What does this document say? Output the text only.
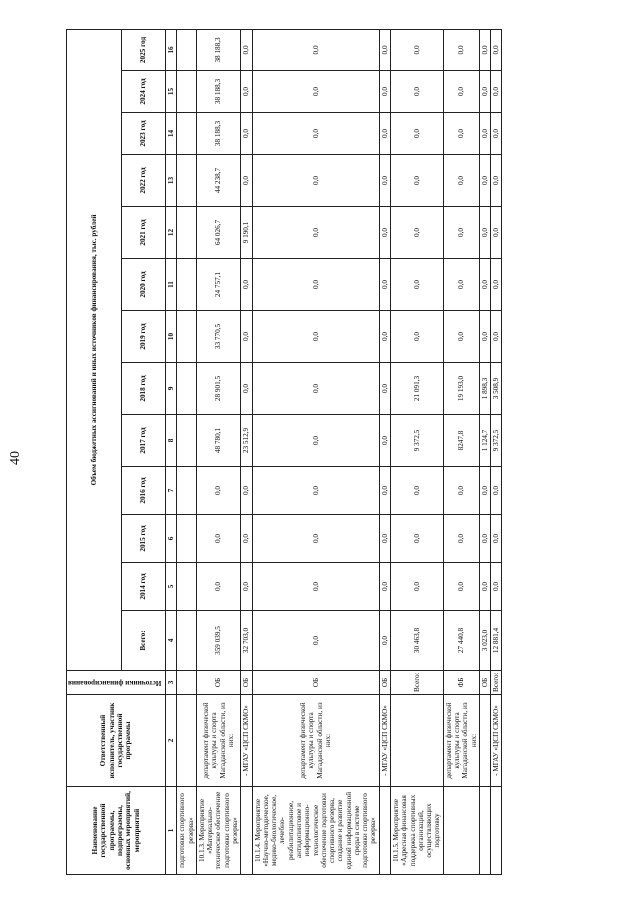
40
Наименование государственной программы, подпрограммы, основных мероприятий, мероприятий	Ответственный исполнитель, участник государственной программы	Источники финансирования	Объем бюджетных ассигнований и иных источников финансирования, тыс. рублей												
			Всего:	2014 год	2015 год	2016 год	2017 год	2018 год	2019 год	2020 год	2021 год	2022 год	2023 год	2024 год	2025 год
1	2	3	4	5	6	7	8	9	10	11	12	13	14	15	16
подготовки спортивного резерва»															
10.1.3. Мероприятие «Материально-техническое обеспечение подготовки спортивного резерва»	департамент физической культуры и спорта Магаданской области, из них:	ОБ	359 039,5	0,0	0,0	0,0	48 780,1	28 901,5	33 770,5	24 757,1	64 026,7	44 238,7	38 188,3	38 188,3	38 188,3
	- МГАУ «ЦСП СКМО»	ОБ	32 703,0	0,0	0,0	0,0	23 512,9	0,0	0,0	0,0	9 190,1	0,0	0,0	0,0	0,0
10.1.4. Мероприятие «Научно-методическое, медико-биологическое, лечебно-реабилитационное, антидопинговое и информационно-технологическое обеспечение подготовки спортивного резерва, создание и развитие единой информационной среды в системе подготовки спортивного резерва»	департамент физической культуры и спорта Магаданской области, из них:	ОБ	0,0	0,0	0,0	0,0	0,0	0,0	0,0	0,0	0,0	0,0	0,0	0,0	0,0
	- МГАУ «ЦСП СКМО»	ОБ	0,0	0,0	0,0	0,0	0,0	0,0	0,0	0,0	0,0	0,0	0,0	0,0	0,0
10.1.5. Мероприятие «Адресная финансовая поддержка спортивных организаций, осуществляющих подготовку		Всего:	30 463,8	0,0	0,0	0,0	9 372,5	21 091,3	0,0	0,0	0,0	0,0	0,0	0,0	0,0
	департамент физической культуры и спорта Магаданской области, из них:	ФБ	27 440,8	0,0	0,0	0,0	8247,8	19 193,0	0,0	0,0	0,0	0,0	0,0	0,0	0,0
		ОБ	3 023,0	0,0	0,0	0,0	1 124,7	1 898,3	0,0	0,0	0,0	0,0	0,0	0,0	0,0
	- МГАУ «ЦСП СКМО»	Всего:	12 881,4	0,0	0,0	0,0	9 372,5	3 508,9	0,0	0,0	0,0	0,0	0,0	0,0	0,0
